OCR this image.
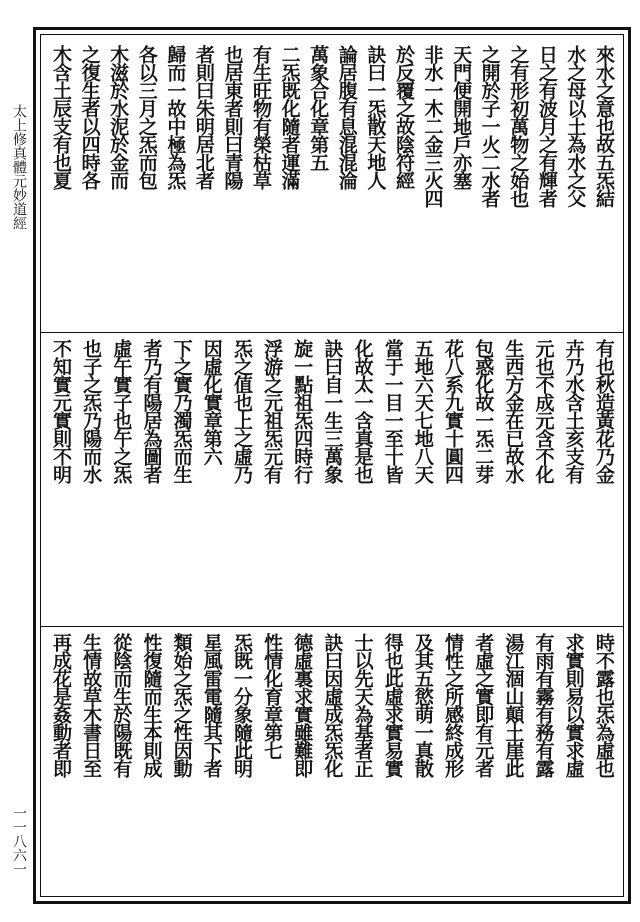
太上修真體元妙道經
一一八六一
來水之意也故五炁結
水之母以土為水之父
日之有波月之有輝者
之有形初萬物之始也
之開於子一火二水者
天門便開地戶亦塞
非水一木二金三火四
於反覆之故陰符經
訣曰一炁散天地人
論居腹有息混混淪
萬象合化章第五
二炁既化隨者運滿
有生旺物有榮枯草
也居東者則曰青陽
者則曰朱明居北者
歸而一故中極為炁
各以三月之炁而包
木滋於水泥於金而
之復生者以四時各
木含土辰支有也夏
有也秋造黃花乃金
卉乃水含土亥支有
元也不成元含不化
生西方金在已故水
包惑化故一炁二芽
花八系九實十圓四
五地六天七地八天
當于一目一至十皆
化故太一含真是也
訣曰自一生三萬象
旋一點祖炁四時行
浮游之元祖炁元有
炁之值也上之虛乃
因虛化實章第六
下之實乃濁炁而生
者乃有陽居為圖者
虛午實子也午之炁
也子之炁乃陽而水
不知實元實則不明
時不露也炁為虛也
求實則易以實求虛
有雨有霧有務有露
湯江涸山顛土崖此
者虛之實即有元者
情性之所感終成形
及其五慾萌一真散
得也此虛求實易實
士以先天為基者正
訣曰因虛成炁炁化
德虛裏求實雖難即
性情化育章第七
炁既一分象隨此明
星風雷電隨其下者
類始之炁之性因動
性復隨而生本則成
從陰而生於陽既有
生情故草木書日至
再成花是姦動者即
